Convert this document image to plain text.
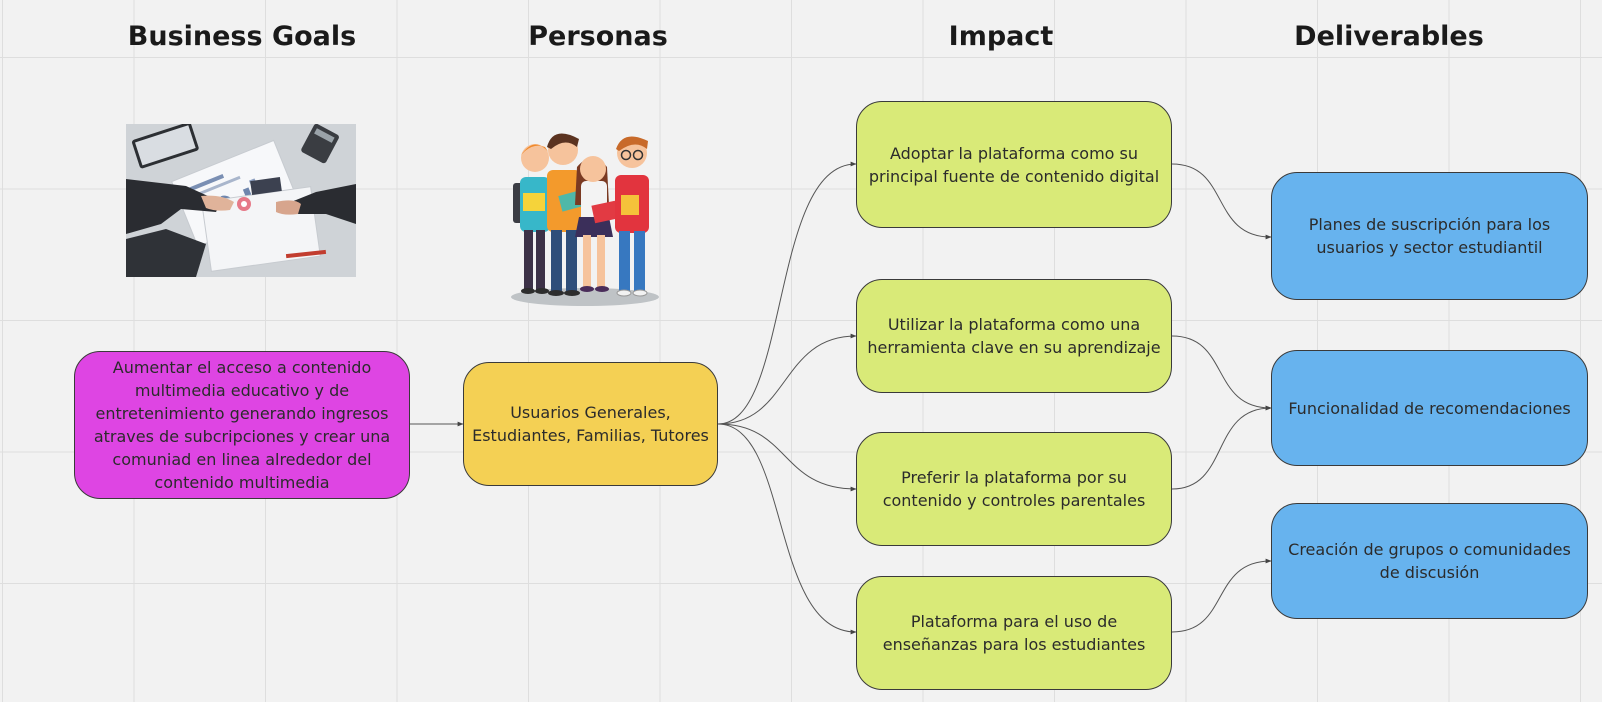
Business Goals	Personas	Impact	Deliverables
Aumentar el acceso a contenido multimedia educativo y de entretenimiento generando ingresos atraves de subcripciones y crear una comuniad en linea alrededor del contenido multimedia
Usuarios Generales, Estudiantes, Familias, Tutores
Adoptar la plataforma como su principal fuente de contenido digital
Utilizar la plataforma como una herramienta clave en su aprendizaje
Preferir la plataforma por su contenido y controles parentales
Plataforma para el uso de enseñanzas para los estudiantes
Planes de suscripción para los usuarios y sector estudiantil
Funcionalidad de recomendaciones
Creación de grupos o comunidades de discusión
